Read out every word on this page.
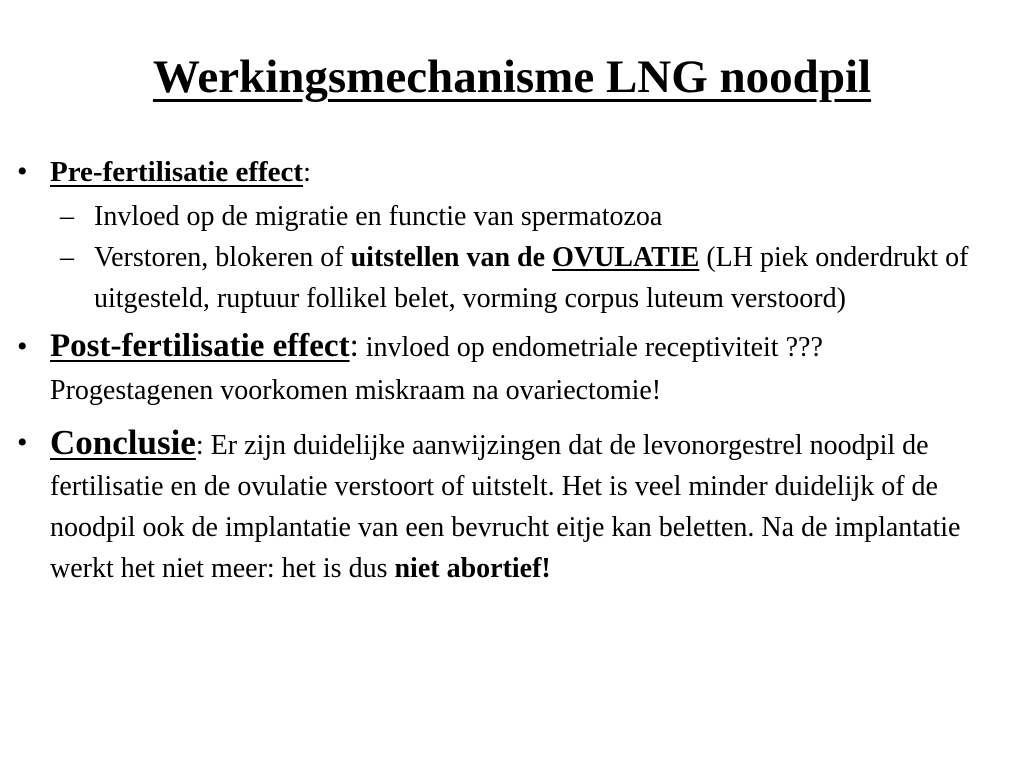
Werkingsmechanisme LNG noodpil
• Pre-fertilisatie effect:
– Invloed op de migratie en functie van spermatozoa
– Verstoren, blokeren of uitstellen van de OVULATIE (LH piek onderdrukt of uitgesteld, ruptuur follikel belet, vorming corpus luteum verstoord)
• Post-fertilisatie effect: invloed op endometriale receptiviteit ??? Progestagenen voorkomen miskraam na ovariectomie!
• Conclusie: Er zijn duidelijke aanwijzingen dat de levonorgestrel noodpil de fertilisatie en de ovulatie verstoort of uitstelt. Het is veel minder duidelijk of de noodpil ook de implantatie van een bevrucht eitje kan beletten. Na de implantatie werkt het niet meer: het is dus niet abortief!
